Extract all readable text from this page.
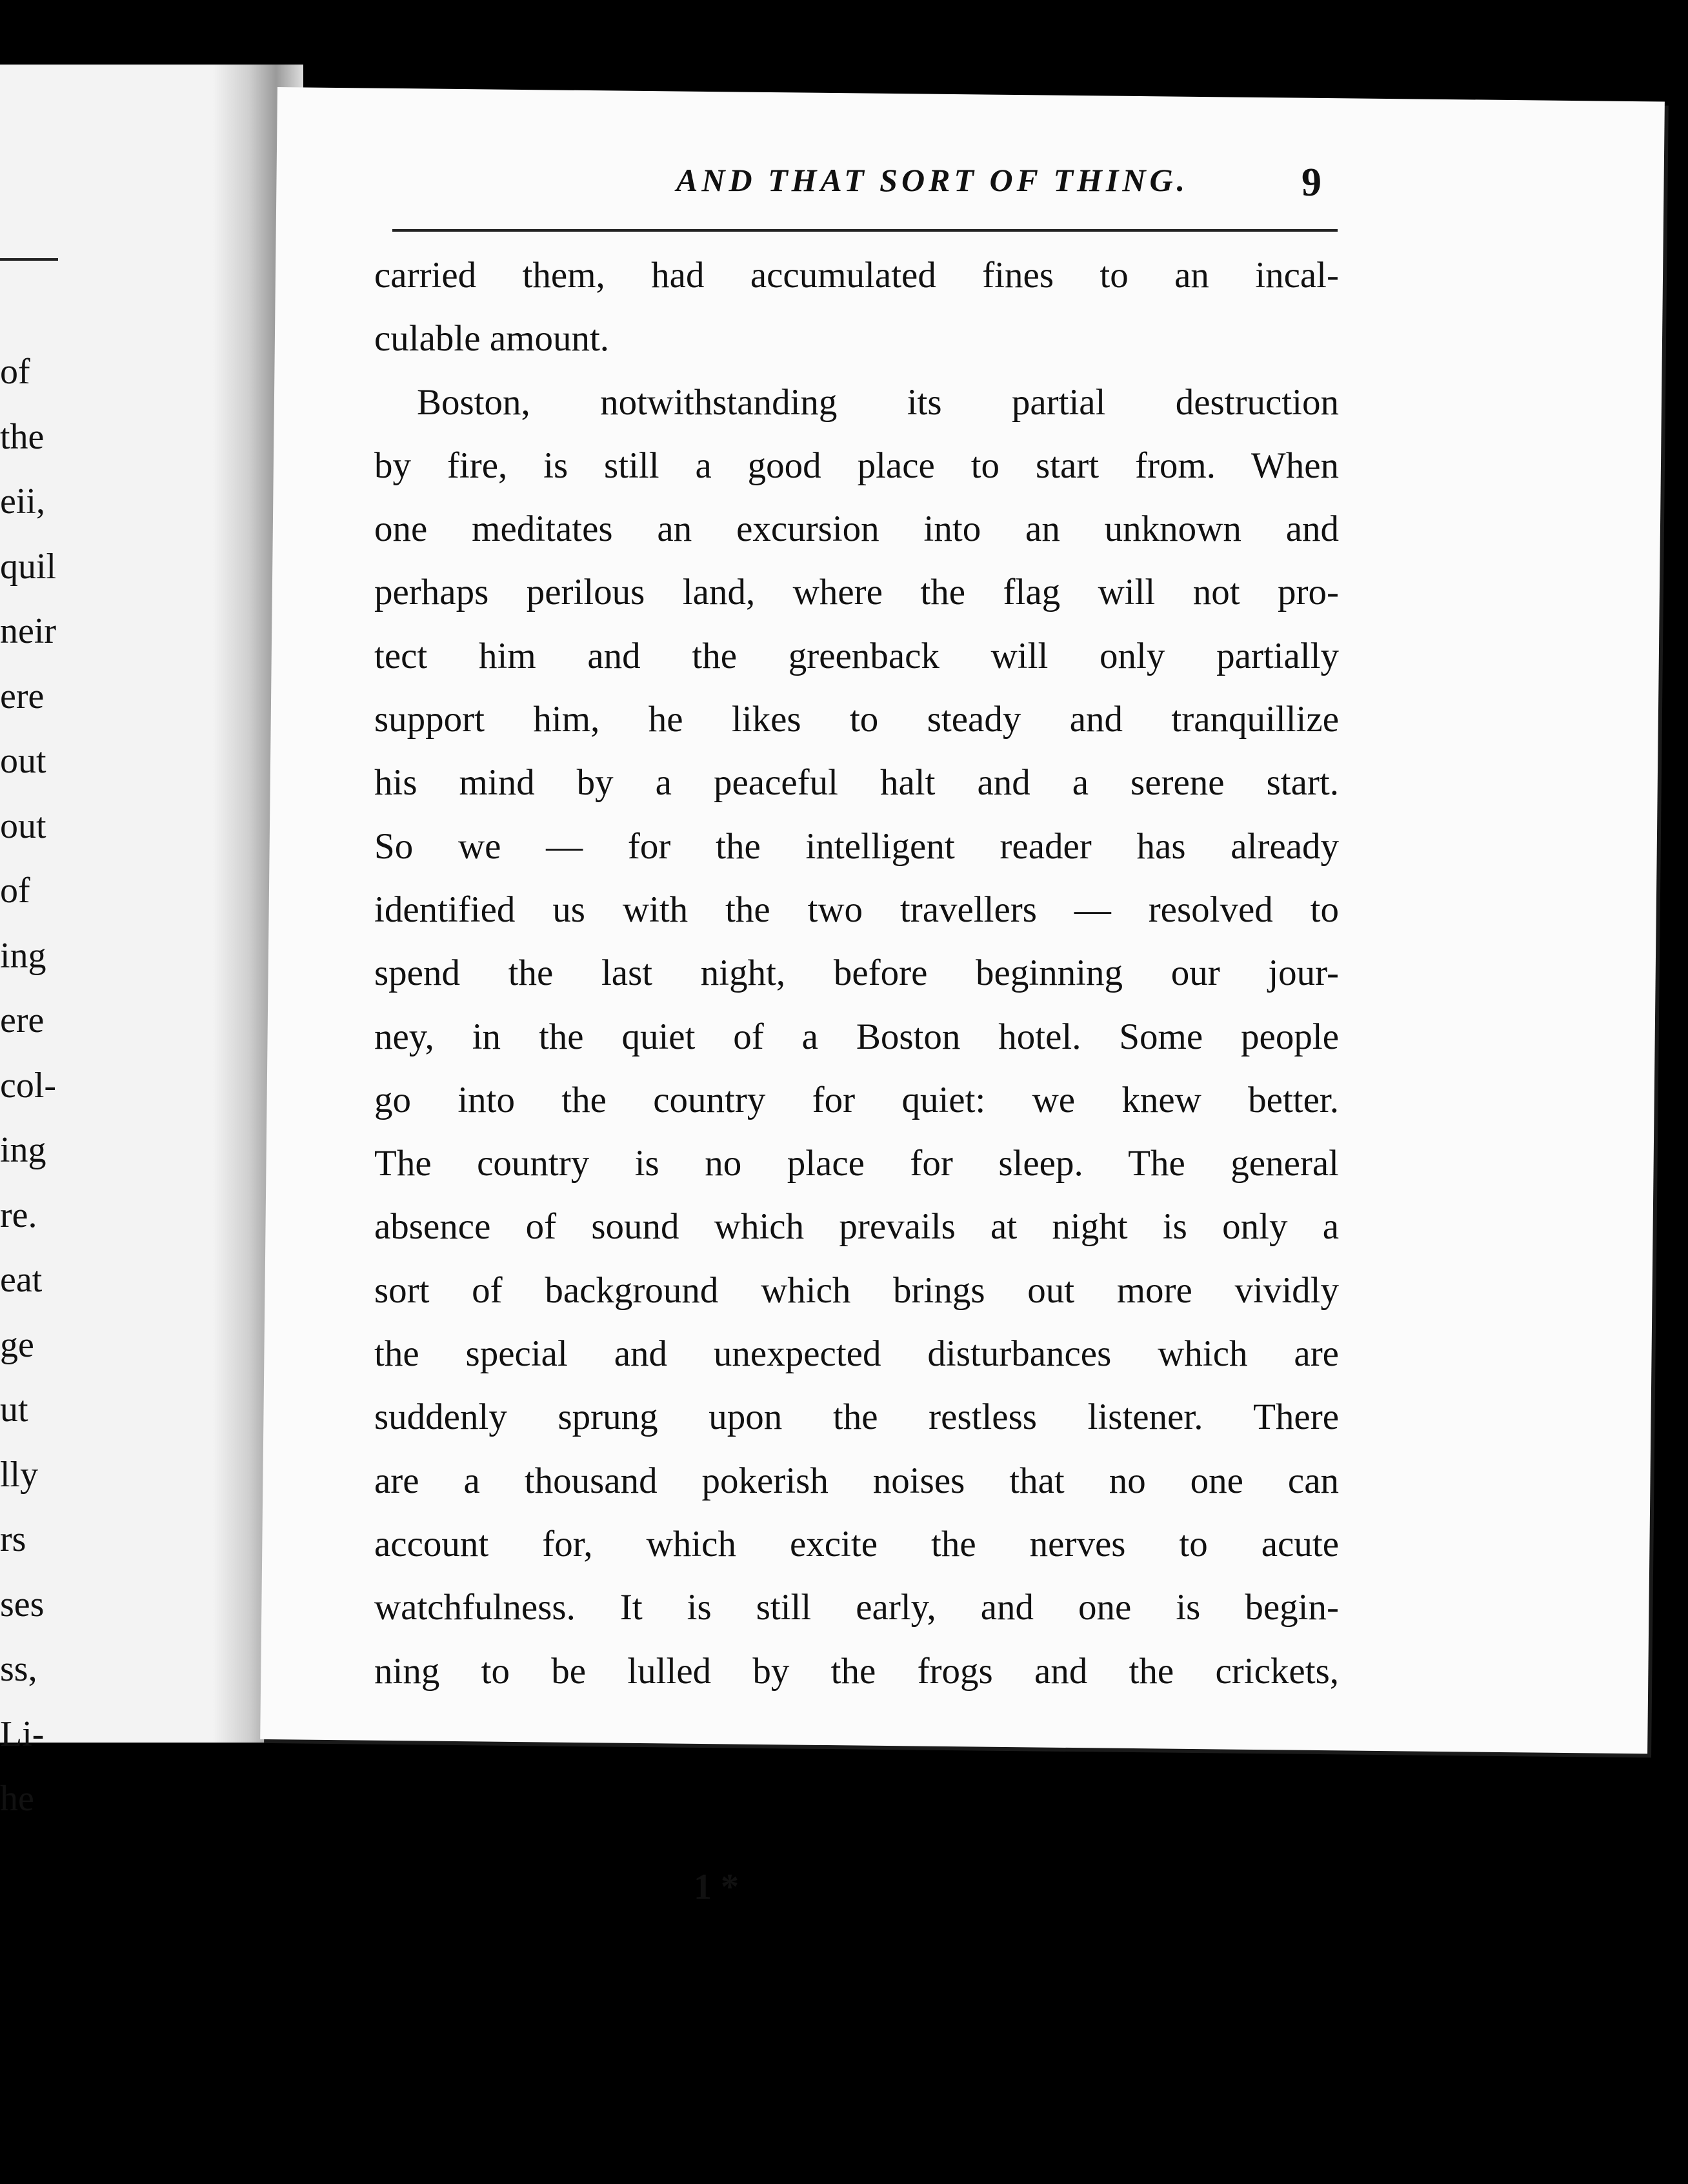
of
the
eii,
quil
neir
ere
out
out
of
ing
ere
col-
ing
re.
eat
ge
ut
lly
rs
ses
ss,
Li-
he
AND THAT SORT OF THING.	9
carried them, had accumulated fines to an incal-
culable amount.
Boston, notwithstanding its partial destruction
by fire, is still a good place to start from. When
one meditates an excursion into an unknown and
perhaps perilous land, where the flag will not pro-
tect him and the greenback will only partially
support him, he likes to steady and tranquillize
his mind by a peaceful halt and a serene start.
So we — for the intelligent reader has already
identified us with the two travellers — resolved to
spend the last night, before beginning our jour-
ney, in the quiet of a Boston hotel. Some people
go into the country for quiet: we knew better.
The country is no place for sleep. The general
absence of sound which prevails at night is only a
sort of background which brings out more vividly
the special and unexpected disturbances which are
suddenly sprung upon the restless listener. There
are a thousand pokerish noises that no one can
account for, which excite the nerves to acute
watchfulness. It is still early, and one is begin-
ning to be lulled by the frogs and the crickets,
1 *
